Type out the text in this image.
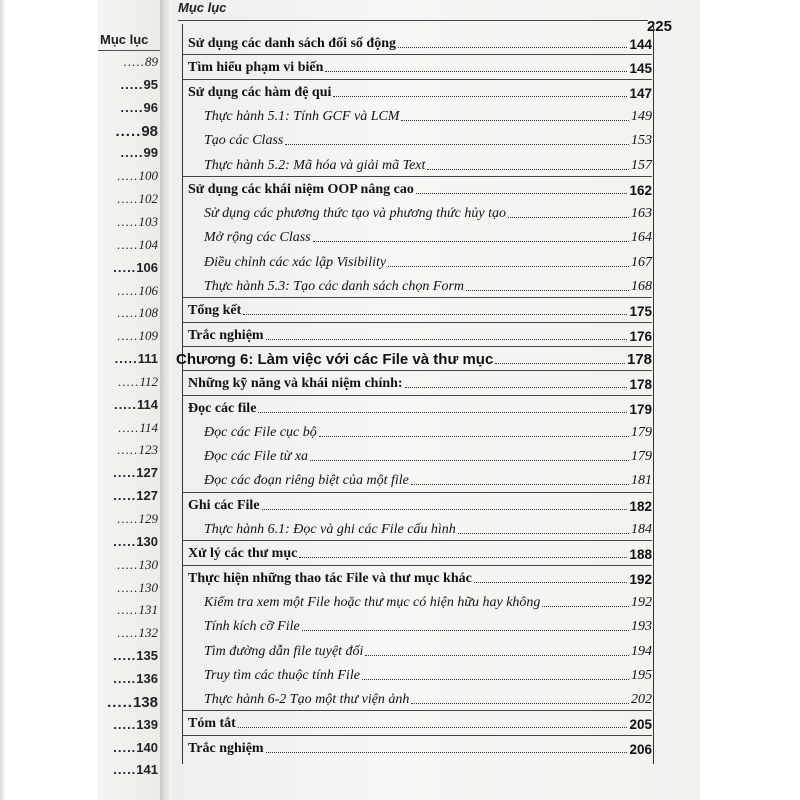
Mục lục
.....89
.....95
.....96
.....98
.....99
.....100
.....102
.....103
.....104
.....106
.....106
.....108
.....109
.....111
.....112
.....114
.....114
.....123
.....127
.....127
.....129
.....130
.....130
.....130
.....131
.....132
.....135
.....136
.....138
.....139
.....140
.....141
Mục lục
225
Sử dụng các danh sách đối số động	144
Tìm hiểu phạm vi biến	145
Sử dụng các hàm đệ qui	147
Thực hành 5.1: Tính GCF và LCM	149
Tạo các Class	153
Thực hành 5.2: Mã hóa và giải mã Text	157
Sử dụng các khái niệm OOP nâng cao	162
Sử dụng các phương thức tạo và phương thức hủy tạo	163
Mở rộng các Class	164
Điều chỉnh các xác lập Visibility	167
Thực hành 5.3: Tạo các danh sách chọn Form	168
Tổng kết	175
Trắc nghiệm	176
Chương 6: Làm việc với các File và thư mục	178
Những kỹ năng và khái niệm chính:	178
Đọc các file	179
Đọc các File cục bộ	179
Đọc các File từ xa	179
Đọc các đoạn riêng biệt của một file	181
Ghi các File	182
Thực hành 6.1: Đọc và ghi các File cấu hình	184
Xử lý các thư mục	188
Thực hiện những thao tác File và thư mục khác	192
Kiểm tra xem một File hoặc thư mục có hiện hữu hay không	192
Tính kích cỡ File	193
Tìm đường dẫn file tuyệt đối	194
Truy tìm các thuộc tính File	195
Thực hành 6-2 Tạo một thư viện ảnh	202
Tóm tắt	205
Trắc nghiệm	206
